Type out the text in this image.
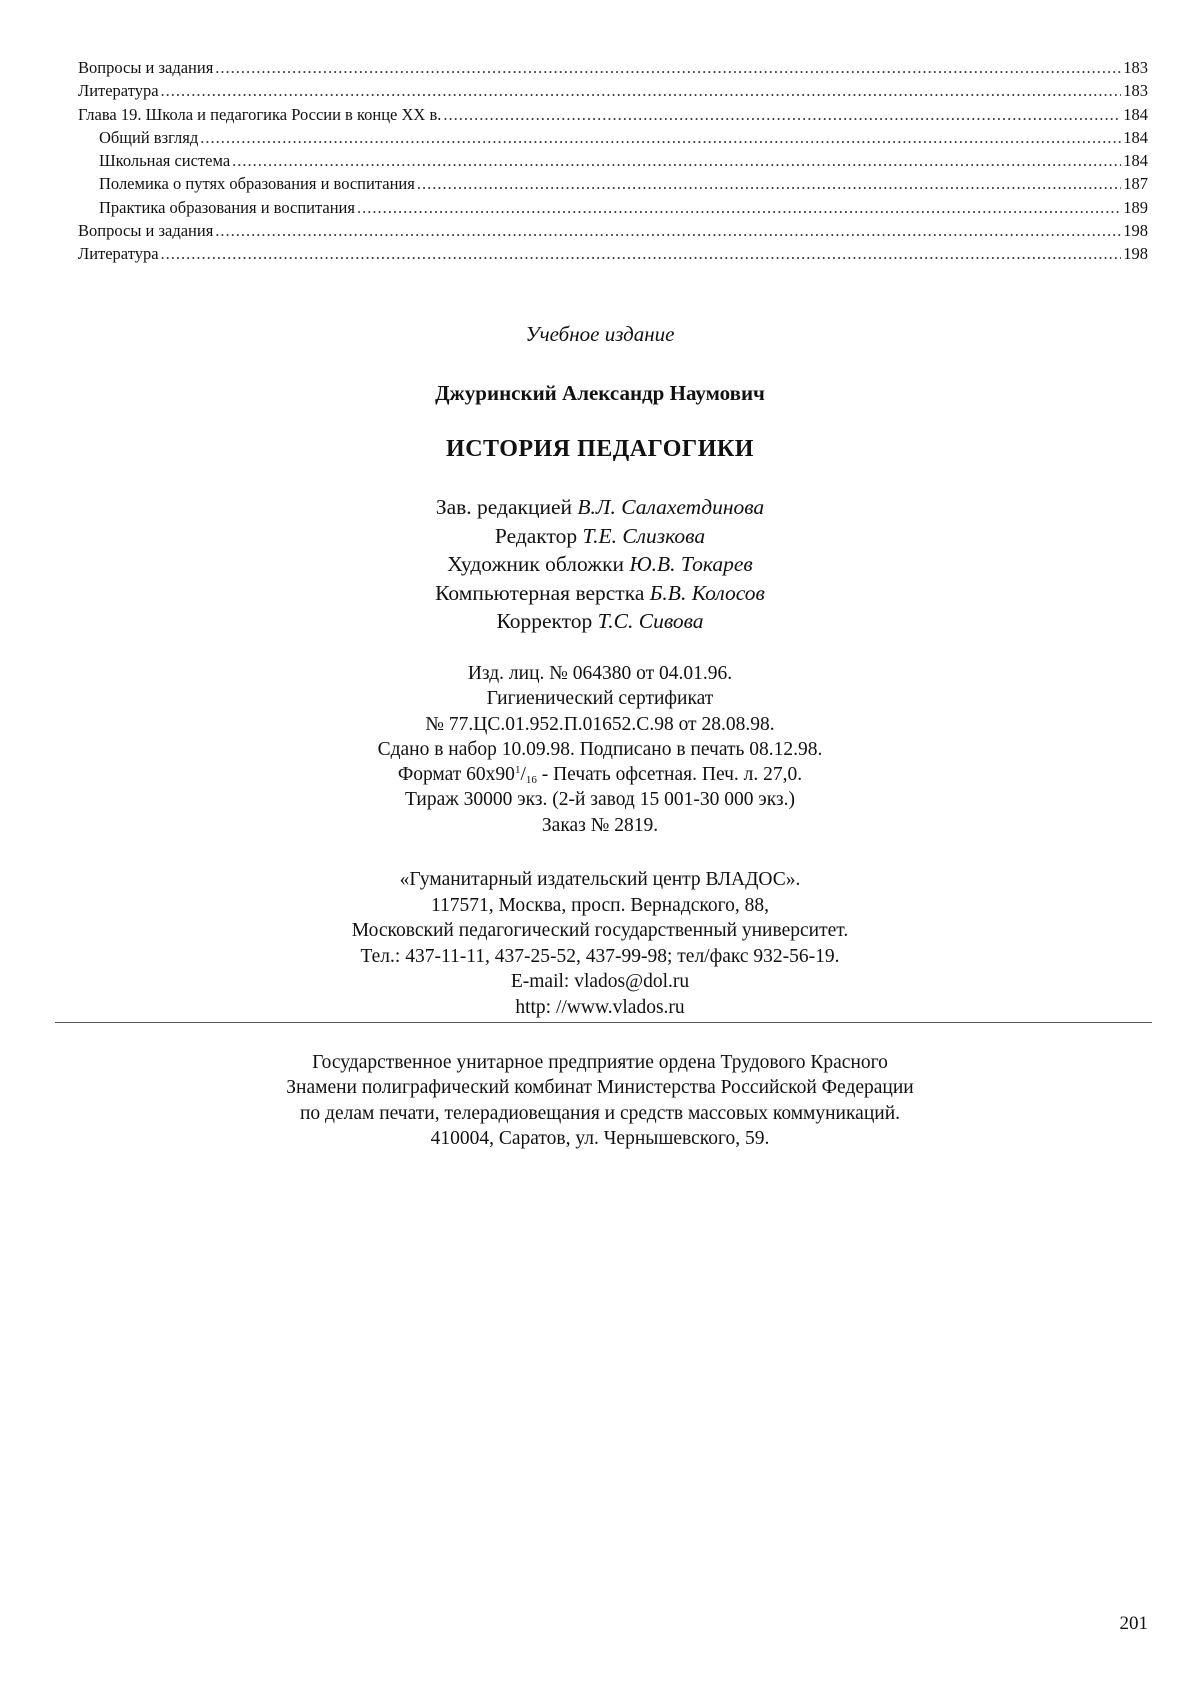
Вопросы и задания .....	183
Литература .....	183
Глава 19. Школа и педагогика России в конце XX в. .....	184
Общий взгляд .....	184
Школьная система .....	184
Полемика о путях образования и воспитания .....	187
Практика образования и воспитания .....	189
Вопросы и задания .....	198
Литература .....	198
Учебное издание
Джуринский Александр Наумович
ИСТОРИЯ ПЕДАГОГИКИ
Зав. редакцией В.Л. Салахетдинова
Редактор Т.Е. Слизкова
Художник обложки Ю.В. Токарев
Компьютерная верстка Б.В. Колосов
Корректор Т.С. Сивова
Изд. лиц. № 064380 от 04.01.96.
Гигиенический сертификат
№ 77.ЦС.01.952.П.01652.С.98 от 28.08.98.
Сдано в набор 10.09.98. Подписано в печать 08.12.98.
Формат $60х90^1/_{16}$ - Печать офсетная. Печ. л. 27,0.
Тираж 30000 экз. (2-й завод 15 001-30 000 экз.)
Заказ № 2819.
«Гуманитарный издательский центр ВЛАДОС».
117571, Москва, просп. Вернадского, 88,
Московский педагогический государственный университет.
Тел.: 437-11-11, 437-25-52, 437-99-98; тел/факс 932-56-19.
E-mail: vlados@dol.ru
http: //www.vlados.ru
Государственное унитарное предприятие ордена Трудового Красного
Знамени полиграфический комбинат Министерства Российской Федерации
по делам печати, телерадиовещания и средств массовых коммуникаций.
410004, Саратов, ул. Чернышевского, 59.
201
